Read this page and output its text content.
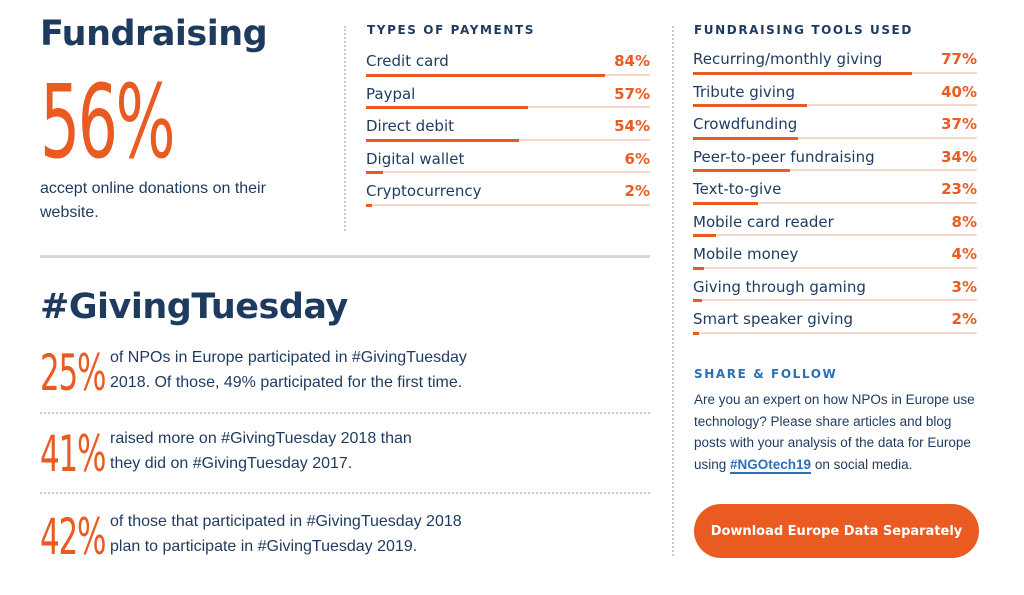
Fundraising
56%
accept online donations on their website.
TYPES OF PAYMENTS
Credit card	84%
Paypal	57%
Direct debit	54%
Digital wallet	6%
Cryptocurrency	2%
FUNDRAISING TOOLS USED
Recurring/monthly giving	77%
Tribute giving	40%
Crowdfunding	37%
Peer-to-peer fundraising	34%
Text-to-give	23%
Mobile card reader	8%
Mobile money	4%
Giving through gaming	3%
Smart speaker giving	2%
#GivingTuesday
25% of NPOs in Europe participated in #GivingTuesday
2018. Of those, 49% participated for the first time.
41% raised more on #GivingTuesday 2018 than
they did on #GivingTuesday 2017.
42% of those that participated in #GivingTuesday 2018
plan to participate in #GivingTuesday 2019.
SHARE & FOLLOW
Are you an expert on how NPOs in Europe use technology? Please share articles and blog posts with your analysis of the data for Europe using #NGOtech19 on social media.
Download Europe Data Separately
